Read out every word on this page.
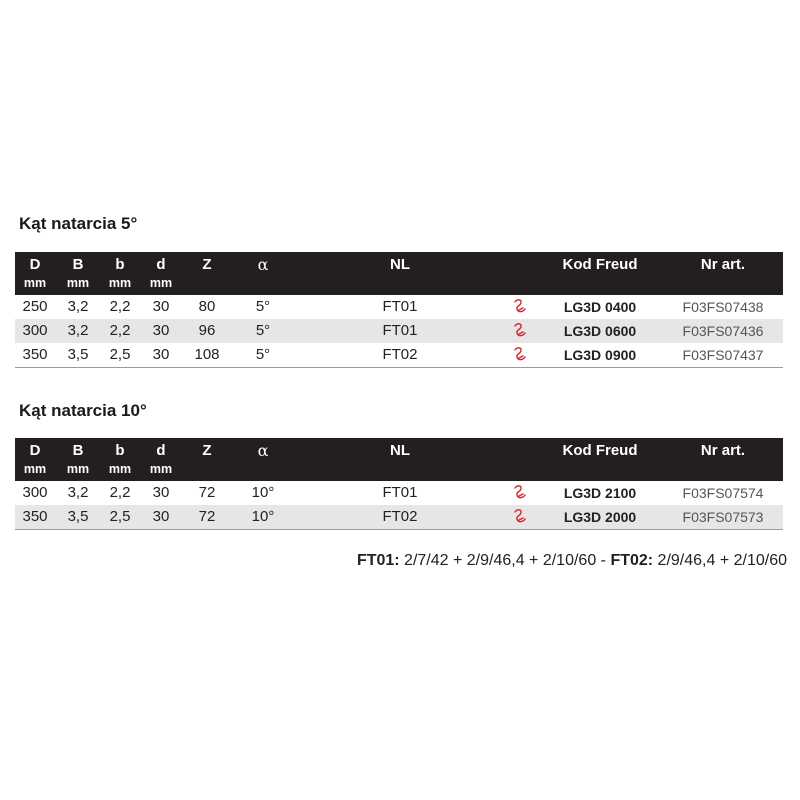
Kąt natarcia 5°
D	B	b	d	Z	α	NL	Kod Freud	Nr art.
mm	mm	mm	mm
250	3,2	2,2	30	80	5°	FT01	LG3D 0400	F03FS07438
300	3,2	2,2	30	96	5°	FT01	LG3D 0600	F03FS07436
350	3,5	2,5	30	108	5°	FT02	LG3D 0900	F03FS07437
Kąt natarcia 10°
D	B	b	d	Z	α	NL	Kod Freud	Nr art.
mm	mm	mm	mm
300	3,2	2,2	30	72	10°	FT01	LG3D 2100	F03FS07574
350	3,5	2,5	30	72	10°	FT02	LG3D 2000	F03FS07573
FT01: 2/7/42 + 2/9/46,4 + 2/10/60 - FT02: 2/9/46,4 + 2/10/60
